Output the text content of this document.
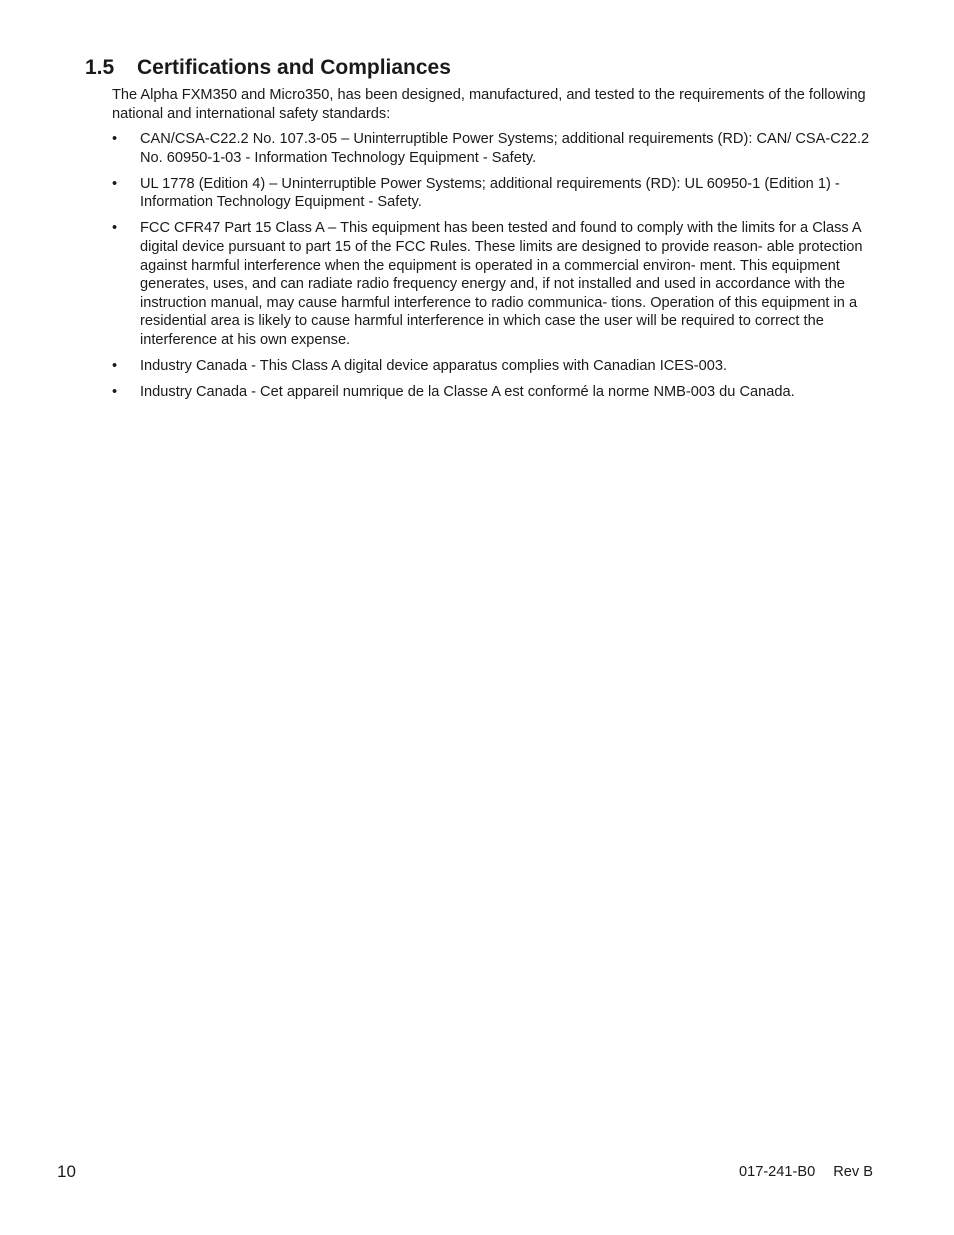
1.5 Certifications and Compliances

The Alpha FXM350 and Micro350, has been designed, manufactured, and tested to the requirements of the following national and international safety standards:

• CAN/CSA-C22.2 No. 107.3-05 – Uninterruptible Power Systems; additional requirements (RD): CAN/ CSA-C22.2 No. 60950-1-03 - Information Technology Equipment - Safety.
• UL 1778 (Edition 4) – Uninterruptible Power Systems; additional requirements (RD): UL 60950-1 (Edition 1) - Information Technology Equipment - Safety.
• FCC CFR47 Part 15 Class A – This equipment has been tested and found to comply with the limits for a Class A digital device pursuant to part 15 of the FCC Rules. These limits are designed to provide reason- able protection against harmful interference when the equipment is operated in a commercial environ- ment. This equipment generates, uses, and can radiate radio frequency energy and, if not installed and used in accordance with the instruction manual, may cause harmful interference to radio communica- tions. Operation of this equipment in a residential area is likely to cause harmful interference in which case the user will be required to correct the interference at his own expense.
• Industry Canada - This Class A digital device apparatus complies with Canadian ICES-003.
• Industry Canada - Cet appareil numrique de la Classe A est conformé la norme NMB-003 du Canada.
10	017-241-B0 Rev B
